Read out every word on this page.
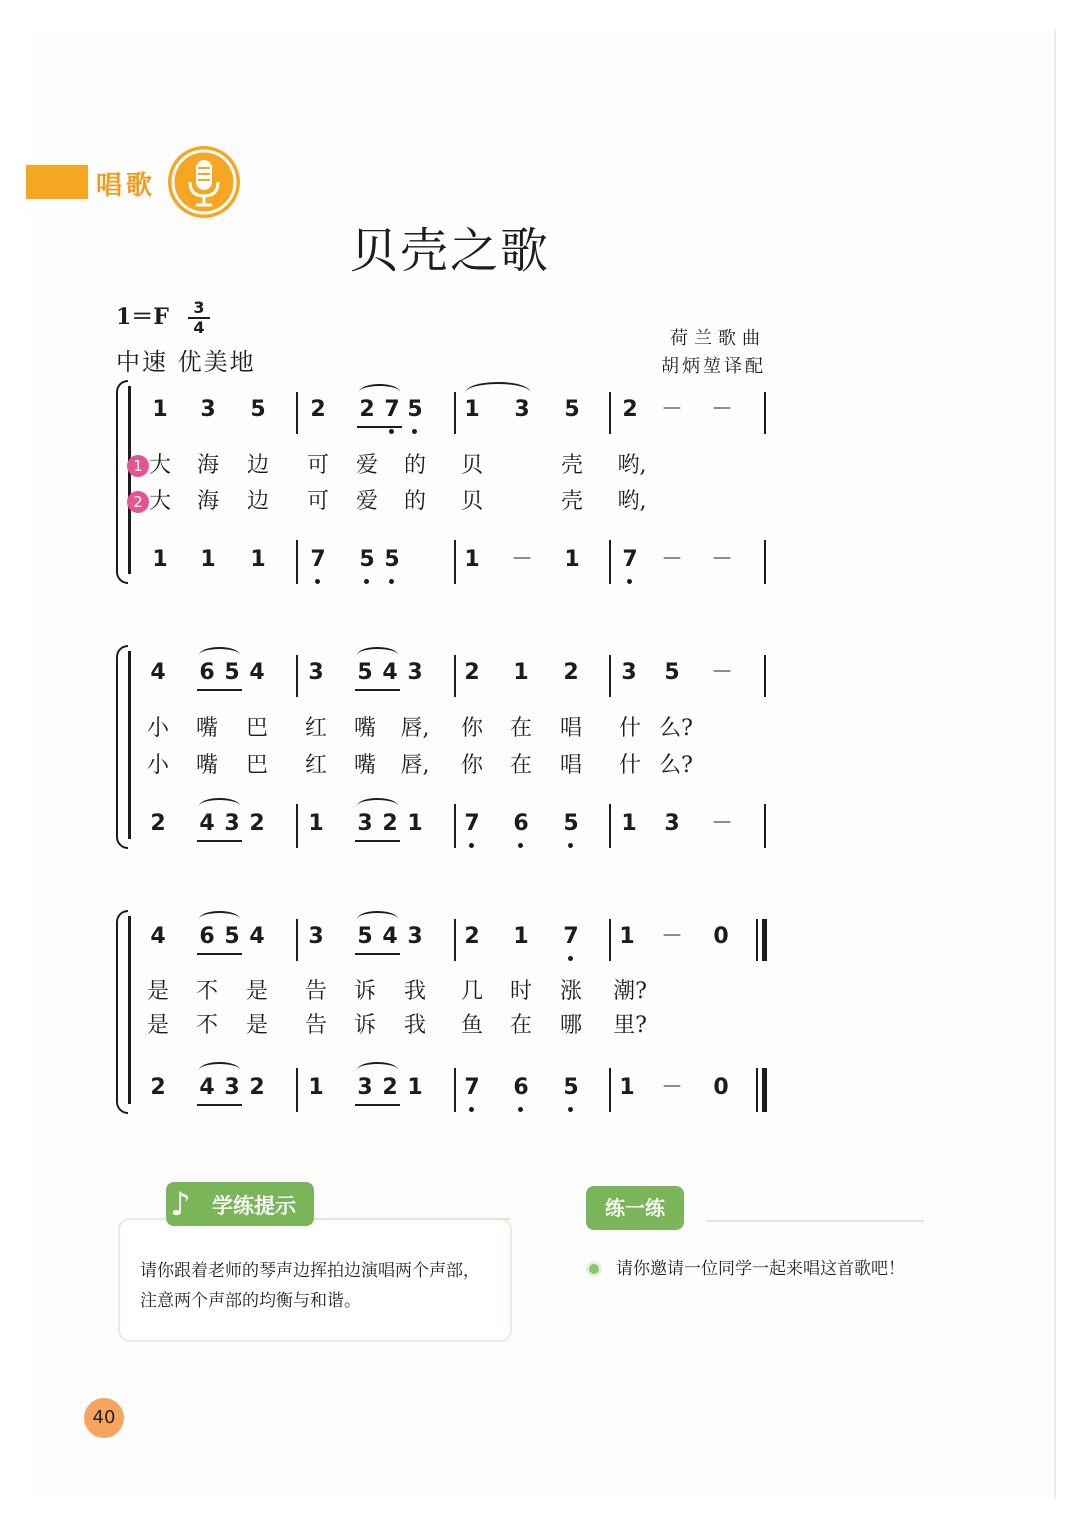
唱歌
贝壳之歌
1＝F	3
4
中速 优美地
荷兰歌曲
胡炳堃译配
1	3	5	2	2 7 5	1	3	5	2	－	－
1	1	1	7	5 5	1	－	1	7	－	－
大 海 边 可 爱 的 贝	壳 哟,
大 海 边 可 爱 的 贝	壳 哟,
4	6 5 4	3	5 4 3	2	1	2	3	5	－
2	4 3 2	1	3 2 1	7	6	5	1	3	－
小 嘴 巴 红 嘴 唇, 你 在 唱 什 么?
小 嘴 巴 红 嘴 唇, 你 在 唱 什 么?
4	6 5 4	3	5 4 3	2	1	7	1	－	0
2	4 3 2	1	3 2 1	7	6	5	1	－	0
是 不 是 告 诉 我 几 时 涨 潮?
是 不 是 告 诉 我 鱼 在 哪 里?
1
2
♪ 学练提示
请你跟着老师的琴声边挥拍边演唱两个声部，注意两个声部的均衡与和谐。
练一练
请你邀请一位同学一起来唱这首歌吧！
40
